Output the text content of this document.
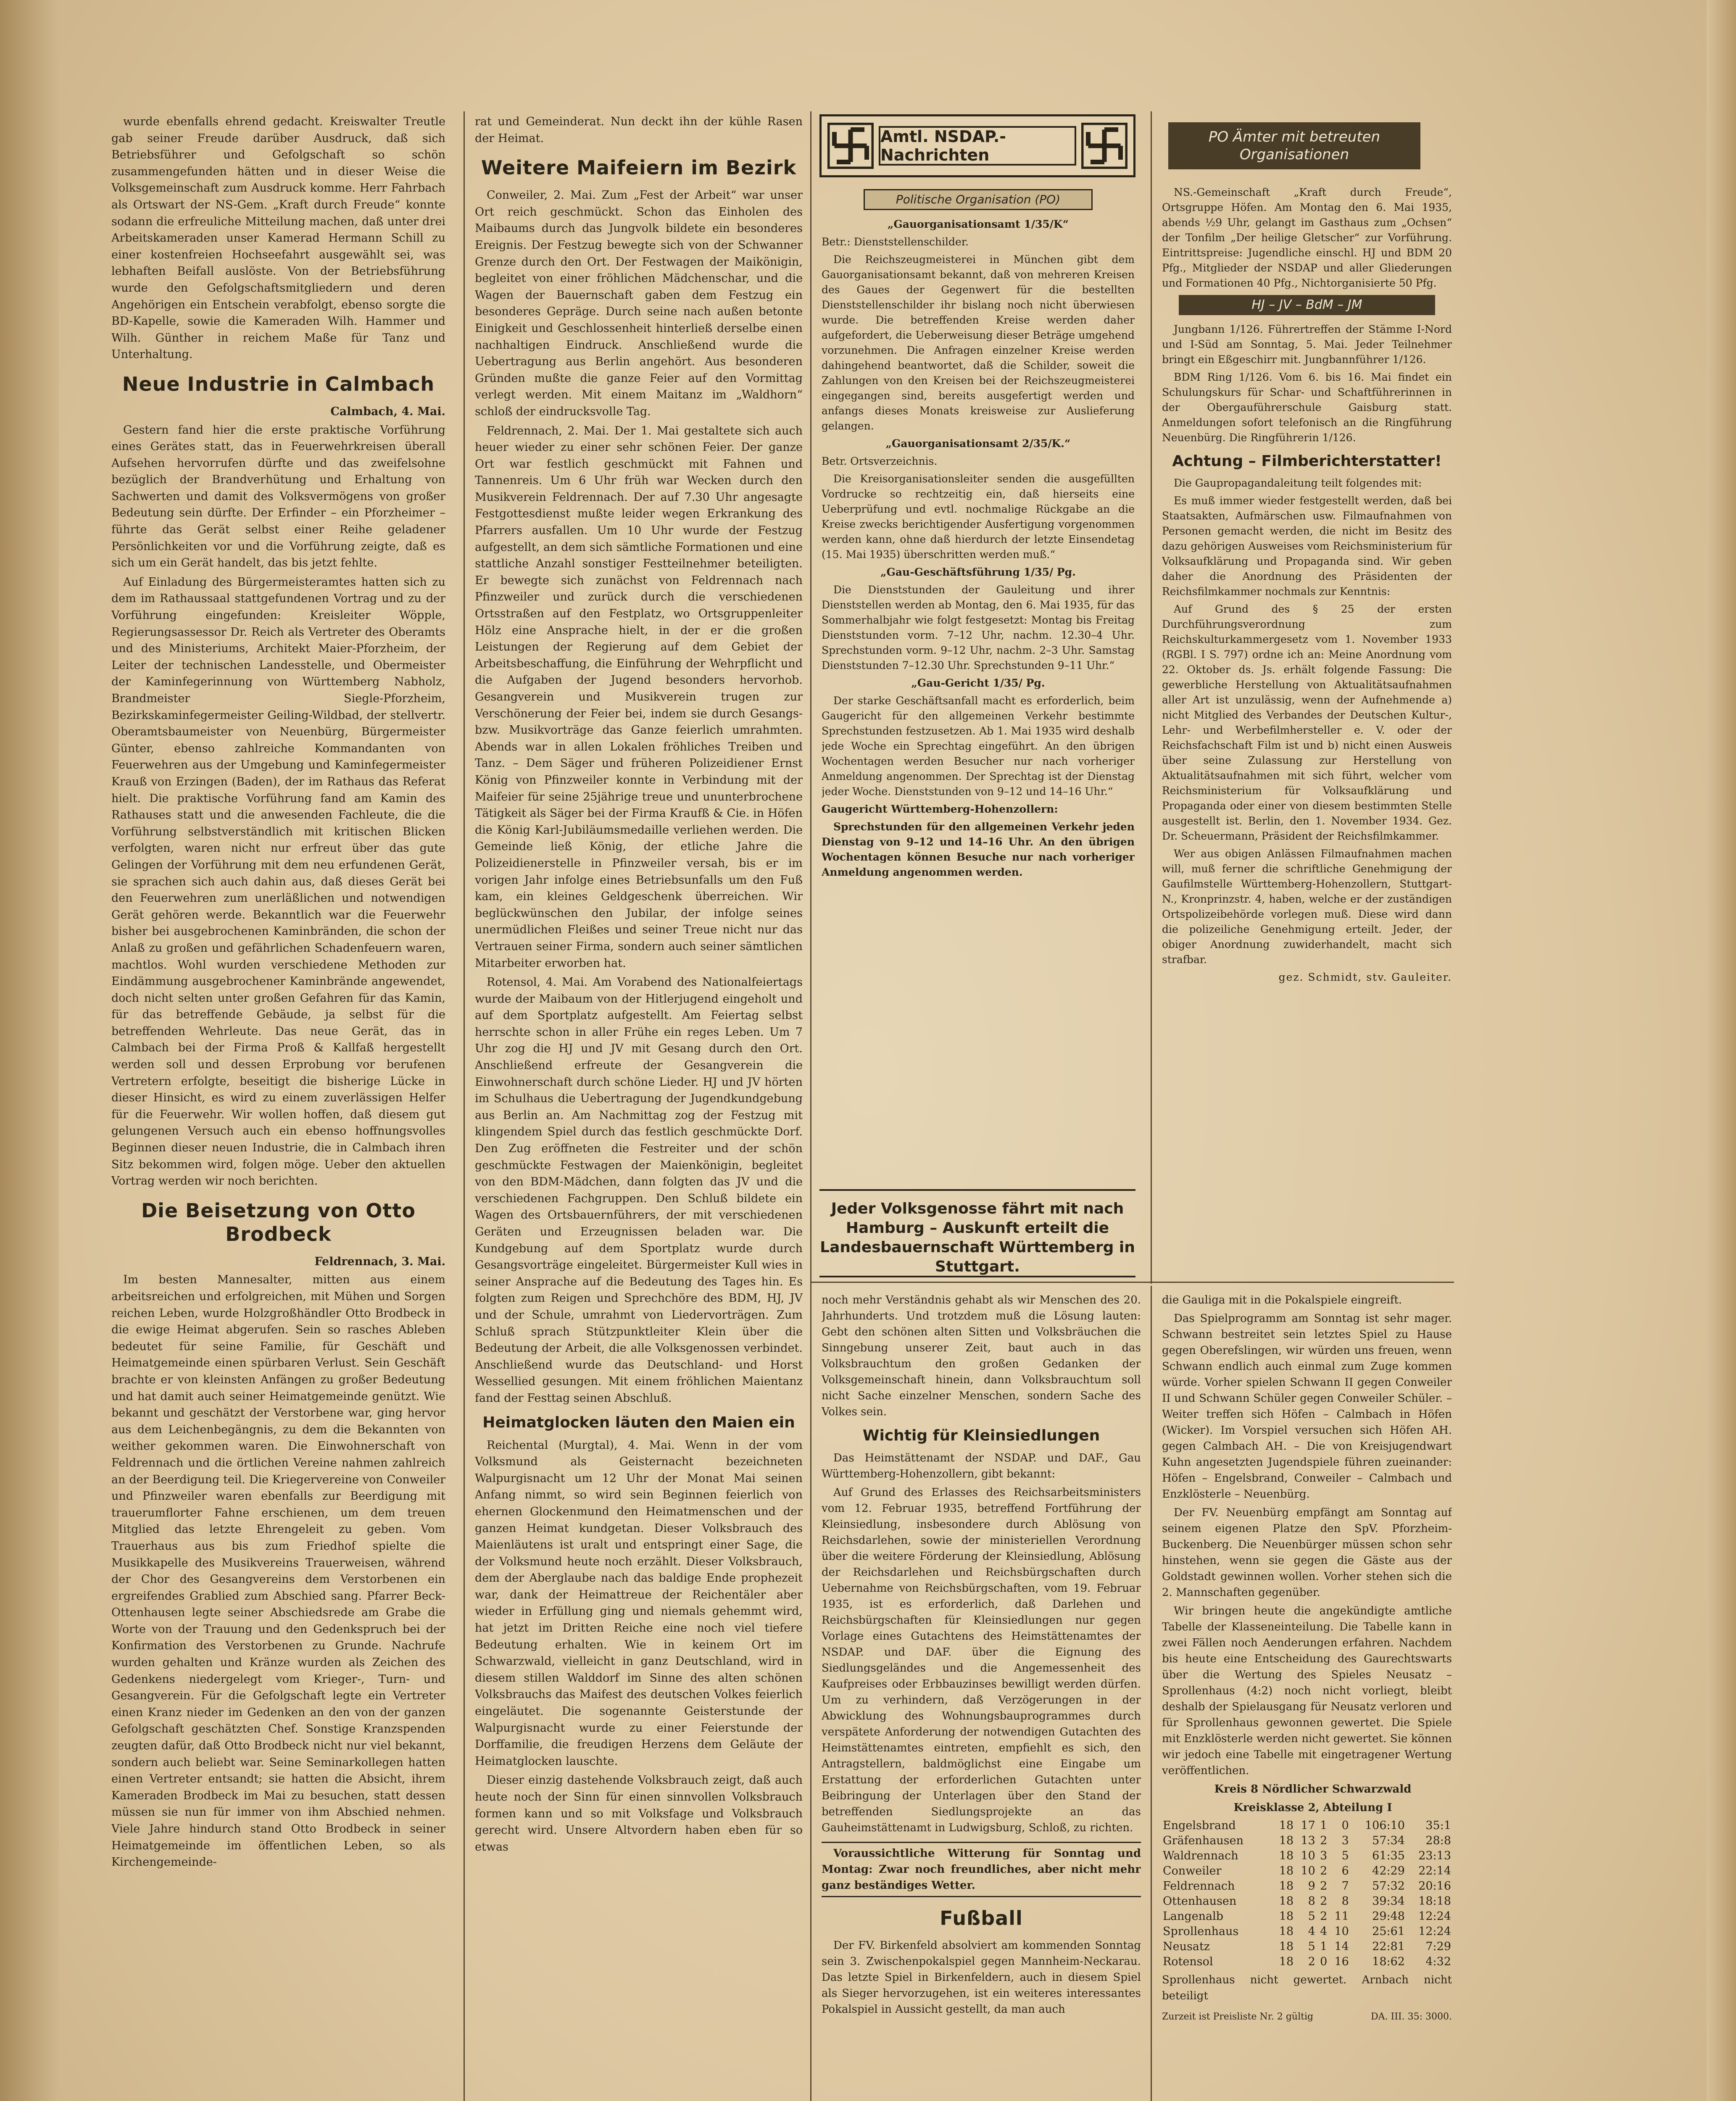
wurde ebenfalls ehrend gedacht. Kreiswalter Treutle gab seiner Freude darüber Ausdruck, daß sich Betriebsführer und Gefolgschaft so schön zusammengefunden hätten und in dieser Weise die Volksgemeinschaft zum Ausdruck komme. Herr Fahrbach als Ortswart der NS-Gem. „Kraft durch Freude“ konnte sodann die erfreuliche Mitteilung machen, daß unter drei Arbeitskameraden unser Kamerad Hermann Schill zu einer kostenfreien Hochseefahrt ausgewählt sei, was lebhaften Beifall auslöste. Von der Betriebsführung wurde den Gefolgschaftsmitgliedern und deren Angehörigen ein Entschein verabfolgt, ebenso sorgte die BD-Kapelle, sowie die Kameraden Wilh. Hammer und Wilh. Günther in reichem Maße für Tanz und Unterhaltung.

Neue Industrie in Calmbach
Calmbach, 4. Mai.

Gestern fand hier die erste praktische Vorführung eines Gerätes statt, das in Feuerwehrkreisen überall Aufsehen hervorrufen dürfte und das zweifelsohne bezüglich der Brandverhütung und Erhaltung von Sachwerten und damit des Volksvermögens von großer Bedeutung sein dürfte. Der Erfinder – ein Pforzheimer – führte das Gerät selbst einer Reihe geladener Persönlichkeiten vor und die Vorführung zeigte, daß es sich um ein Gerät handelt, das bis jetzt fehlte.

Auf Einladung des Bürgermeisteramtes hatten sich zu dem im Rathaussaal stattgefundenen Vortrag und zu der Vorführung eingefunden: Kreisleiter Wöpple, Regierungsassessor Dr. Reich als Vertreter des Oberamts und des Ministeriums, Architekt Maier-Pforzheim, der Leiter der technischen Landesstelle, und Obermeister der Kaminfegerinnung von Württemberg Nabholz, Brandmeister Siegle-Pforzheim, Bezirkskaminfegermeister Geiling-Wildbad, der stellvertr. Oberamtsbaumeister von Neuenbürg, Bürgermeister Günter, ebenso zahlreiche Kommandanten von Feuerwehren aus der Umgebung und Kaminfegermeister Krauß von Erzingen (Baden), der im Rathaus das Referat hielt. Die praktische Vorführung fand am Kamin des Rathauses statt und die anwesenden Fachleute, die die Vorführung selbstverständlich mit kritischen Blicken verfolgten, waren nicht nur erfreut über das gute Gelingen der Vorführung mit dem neu erfundenen Gerät, sie sprachen sich auch dahin aus, daß dieses Gerät bei den Feuerwehren zum unerläßlichen und notwendigen Gerät gehören werde. Bekanntlich war die Feuerwehr bisher bei ausgebrochenen Kaminbränden, die schon der Anlaß zu großen und gefährlichen Schadenfeuern waren, machtlos. Wohl wurden verschiedene Methoden zur Eindämmung ausgebrochener Kaminbrände angewendet, doch nicht selten unter großen Gefahren für das Kamin, für das betreffende Gebäude, ja selbst für die betreffenden Wehrleute. Das neue Gerät, das in Calmbach bei der Firma Proß & Kallfaß hergestellt werden soll und dessen Erprobung vor berufenen Vertretern erfolgte, beseitigt die bisherige Lücke in dieser Hinsicht, es wird zu einem zuverlässigen Helfer für die Feuerwehr. Wir wollen hoffen, daß diesem gut gelungenen Versuch auch ein ebenso hoffnungsvolles Beginnen dieser neuen Industrie, die in Calmbach ihren Sitz bekommen wird, folgen möge. Ueber den aktuellen Vortrag werden wir noch berichten.

Die Beisetzung von Otto Brodbeck
Feldrennach, 3. Mai.

Im besten Mannesalter, mitten aus einem arbeitsreichen und erfolgreichen, mit Mühen und Sorgen reichen Leben, wurde Holzgroßhändler Otto Brodbeck in die ewige Heimat abgerufen. Sein so rasches Ableben bedeutet für seine Familie, für Geschäft und Heimatgemeinde einen spürbaren Verlust. Sein Geschäft brachte er von kleinsten Anfängen zu großer Bedeutung und hat damit auch seiner Heimatgemeinde genützt. Wie bekannt und geschätzt der Verstorbene war, ging hervor aus dem Leichenbegängnis, zu dem die Bekannten von weither gekommen waren. Die Einwohnerschaft von Feldrennach und die örtlichen Vereine nahmen zahlreich an der Beerdigung teil. Die Kriegervereine von Conweiler und Pfinzweiler waren ebenfalls zur Beerdigung mit trauerumflorter Fahne erschienen, um dem treuen Mitglied das letzte Ehrengeleit zu geben. Vom Trauerhaus aus bis zum Friedhof spielte die Musikkapelle des Musikvereins Trauerweisen, während der Chor des Gesangvereins dem Verstorbenen ein ergreifendes Grablied zum Abschied sang. Pfarrer Beck-Ottenhausen legte seiner Abschiedsrede am Grabe die Worte von der Trauung und den Gedenkspruch bei der Konfirmation des Verstorbenen zu Grunde. Nachrufe wurden gehalten und Kränze wurden als Zeichen des Gedenkens niedergelegt vom Krieger-, Turn- und Gesangverein. Für die Gefolgschaft legte ein Vertreter einen Kranz nieder im Gedenken an den von der ganzen Gefolgschaft geschätzten Chef. Sonstige Kranzspenden zeugten dafür, daß Otto Brodbeck nicht nur viel bekannt, sondern auch beliebt war. Seine Seminarkollegen hatten einen Vertreter entsandt; sie hatten die Absicht, ihrem Kameraden Brodbeck im Mai zu besuchen, statt dessen müssen sie nun für immer von ihm Abschied nehmen. Viele Jahre hindurch stand Otto Brodbeck in seiner Heimatgemeinde im öffentlichen Leben, so als Kirchengemeinde-

rat und Gemeinderat. Nun deckt ihn der kühle Rasen der Heimat.

Weitere Maifeiern im Bezirk

Conweiler, 2. Mai. Zum „Fest der Arbeit“ war unser Ort reich geschmückt. Schon das Einholen des Maibaums durch das Jungvolk bildete ein besonderes Ereignis. Der Festzug bewegte sich von der Schwanner Grenze durch den Ort. Der Festwagen der Maikönigin, begleitet von einer fröhlichen Mädchenschar, und die Wagen der Bauernschaft gaben dem Festzug ein besonderes Gepräge. Durch seine nach außen betonte Einigkeit und Geschlossenheit hinterließ derselbe einen nachhaltigen Eindruck. Anschließend wurde die Uebertragung aus Berlin angehört. Aus besonderen Gründen mußte die ganze Feier auf den Vormittag verlegt werden. Mit einem Maitanz im „Waldhorn“ schloß der eindrucksvolle Tag.

Feldrennach, 2. Mai. Der 1. Mai gestaltete sich auch heuer wieder zu einer sehr schönen Feier. Der ganze Ort war festlich geschmückt mit Fahnen und Tannenreis. Um 6 Uhr früh war Wecken durch den Musikverein Feldrennach. Der auf 7.30 Uhr angesagte Festgottesdienst mußte leider wegen Erkrankung des Pfarrers ausfallen. Um 10 Uhr wurde der Festzug aufgestellt, an dem sich sämtliche Formationen und eine stattliche Anzahl sonstiger Festteilnehmer beteiligten. Er bewegte sich zunächst von Feldrennach nach Pfinzweiler und zurück durch die verschiedenen Ortsstraßen auf den Festplatz, wo Ortsgruppenleiter Hölz eine Ansprache hielt, in der er die großen Leistungen der Regierung auf dem Gebiet der Arbeitsbeschaffung, die Einführung der Wehrpflicht und die Aufgaben der Jugend besonders hervorhob. Gesangverein und Musikverein trugen zur Verschönerung der Feier bei, indem sie durch Gesangs- bzw. Musikvorträge das Ganze feierlich umrahmten. Abends war in allen Lokalen fröhliches Treiben und Tanz. – Dem Säger und früheren Polizeidiener Ernst König von Pfinzweiler konnte in Verbindung mit der Maifeier für seine 25jährige treue und ununterbrochene Tätigkeit als Säger bei der Firma Kraufß & Cie. in Höfen die König Karl-Jubiläumsmedaille verliehen werden. Die Gemeinde ließ König, der etliche Jahre die Polizeidienerstelle in Pfinzweiler versah, bis er im vorigen Jahr infolge eines Betriebsunfalls um den Fuß kam, ein kleines Geldgeschenk überreichen. Wir beglückwünschen den Jubilar, der infolge seines unermüdlichen Fleißes und seiner Treue nicht nur das Vertrauen seiner Firma, sondern auch seiner sämtlichen Mitarbeiter erworben hat.

Rotensol, 4. Mai. Am Vorabend des Nationalfeiertags wurde der Maibaum von der Hitlerjugend eingeholt und auf dem Sportplatz aufgestellt. Am Feiertag selbst herrschte schon in aller Frühe ein reges Leben. Um 7 Uhr zog die HJ und JV mit Gesang durch den Ort. Anschließend erfreute der Gesangverein die Einwohnerschaft durch schöne Lieder. HJ und JV hörten im Schulhaus die Uebertragung der Jugendkundgebung aus Berlin an. Am Nachmittag zog der Festzug mit klingendem Spiel durch das festlich geschmückte Dorf. Den Zug eröffneten die Festreiter und der schön geschmückte Festwagen der Maienkönigin, begleitet von den BDM-Mädchen, dann folgten das JV und die verschiedenen Fachgruppen. Den Schluß bildete ein Wagen des Ortsbauernführers, der mit verschiedenen Geräten und Erzeugnissen beladen war. Die Kundgebung auf dem Sportplatz wurde durch Gesangsvorträge eingeleitet. Bürgermeister Kull wies in seiner Ansprache auf die Bedeutung des Tages hin. Es folgten zum Reigen und Sprechchöre des BDM, HJ, JV und der Schule, umrahmt von Liedervorträgen. Zum Schluß sprach Stützpunktleiter Klein über die Bedeutung der Arbeit, die alle Volksgenossen verbindet. Anschließend wurde das Deutschland- und Horst Wessellied gesungen. Mit einem fröhlichen Maientanz fand der Festtag seinen Abschluß.

Heimatglocken läuten den Maien ein

Reichental (Murgtal), 4. Mai. Wenn in der vom Volksmund als Geisternacht bezeichneten Walpurgisnacht um 12 Uhr der Monat Mai seinen Anfang nimmt, so wird sein Beginnen feierlich von ehernen Glockenmund den Heimatmenschen und der ganzen Heimat kundgetan. Dieser Volksbrauch des Maienläutens ist uralt und entspringt einer Sage, die der Volksmund heute noch erzählt. Dieser Volksbrauch, dem der Aberglaube nach das baldige Ende prophezeit war, dank der Heimattreue der Reichentäler aber wieder in Erfüllung ging und niemals gehemmt wird, hat jetzt im Dritten Reiche eine noch viel tiefere Bedeutung erhalten. Wie in keinem Ort im Schwarzwald, vielleicht in ganz Deutschland, wird in diesem stillen Walddorf im Sinne des alten schönen Volksbrauchs das Maifest des deutschen Volkes feierlich eingeläutet. Die sogenannte Geisterstunde der Walpurgisnacht wurde zu einer Feierstunde der Dorffamilie, die freudigen Herzens dem Geläute der Heimatglocken lauschte.

Dieser einzig dastehende Volksbrauch zeigt, daß auch heute noch der Sinn für einen sinnvollen Volksbrauch formen kann und so mit Volksfage und Volksbrauch gerecht wird. Unsere Altvordern haben eben für so etwas

Amtl. NSDAP.-Nachrichten
Politische Organisation (PO)

„Gauorganisationsamt 1/35/K“

Betr.: Dienststellenschilder.

Die Reichszeugmeisterei in München gibt dem Gauorganisationsamt bekannt, daß von mehreren Kreisen des Gaues der Gegenwert für die bestellten Dienststellenschilder ihr bislang noch nicht überwiesen wurde. Die betreffenden Kreise werden daher aufgefordert, die Ueberweisung dieser Beträge umgehend vorzunehmen. Die Anfragen einzelner Kreise werden dahingehend beantwortet, daß die Schilder, soweit die Zahlungen von den Kreisen bei der Reichszeugmeisterei eingegangen sind, bereits ausgefertigt werden und anfangs dieses Monats kreisweise zur Auslieferung gelangen.

„Gauorganisationsamt 2/35/K.“

Betr. Ortsverzeichnis.

Die Kreisorganisationsleiter senden die ausgefüllten Vordrucke so rechtzeitig ein, daß hierseits eine Ueberprüfung und evtl. nochmalige Rückgabe an die Kreise zwecks berichtigender Ausfertigung vorgenommen werden kann, ohne daß hierdurch der letzte Einsendetag (15. Mai 1935) überschritten werden muß.“

„Gau-Geschäftsführung 1/35/ Pg.

Die Dienststunden der Gauleitung und ihrer Dienststellen werden ab Montag, den 6. Mai 1935, für das Sommerhalbjahr wie folgt festgesetzt: Montag bis Freitag Dienststunden vorm. 7–12 Uhr, nachm. 12.30–4 Uhr. Sprechstunden vorm. 9–12 Uhr, nachm. 2–3 Uhr. Samstag Dienststunden 7–12.30 Uhr. Sprechstunden 9–11 Uhr.“

„Gau-Gericht 1/35/ Pg.

Der starke Geschäftsanfall macht es erforderlich, beim Gaugericht für den allgemeinen Verkehr bestimmte Sprechstunden festzusetzen. Ab 1. Mai 1935 wird deshalb jede Woche ein Sprechtag eingeführt. An den übrigen Wochentagen werden Besucher nur nach vorheriger Anmeldung angenommen. Der Sprechtag ist der Dienstag jeder Woche. Dienststunden von 9–12 und 14–16 Uhr.“

Gaugericht Württemberg-Hohenzollern:

Sprechstunden für den allgemeinen Verkehr jeden Dienstag von 9–12 und 14–16 Uhr. An den übrigen Wochentagen können Besuche nur nach vorheriger Anmeldung angenommen werden.

Jeder Volksgenosse fährt mit nach Hamburg – Auskunft erteilt die Landesbauernschaft Württemberg in Stuttgart.
PO Ämter mit betreuten Organisationen

NS.-Gemeinschaft „Kraft durch Freude“, Ortsgruppe Höfen. Am Montag den 6. Mai 1935, abends ½9 Uhr, gelangt im Gasthaus zum „Ochsen“ der Tonfilm „Der heilige Gletscher“ zur Vorführung. Eintrittspreise: Jugendliche einschl. HJ und BDM 20 Pfg., Mitglieder der NSDAP und aller Gliederungen und Formationen 40 Pfg., Nichtorganisierte 50 Pfg.

HJ – JV – BdM – JM

Jungbann 1/126. Führertreffen der Stämme I-Nord und I-Süd am Sonntag, 5. Mai. Jeder Teilnehmer bringt ein Eßgeschirr mit. Jungbannführer 1/126.

BDM Ring 1/126. Vom 6. bis 16. Mai findet ein Schulungskurs für Schar- und Schaftführerinnen in der Obergauführerschule Gaisburg statt. Anmeldungen sofort telefonisch an die Ringführung Neuenbürg. Die Ringführerin 1/126.

Achtung – Filmberichterstatter!

Die Gaupropagandaleitung teilt folgendes mit:

Es muß immer wieder festgestellt werden, daß bei Staatsakten, Aufmärschen usw. Filmaufnahmen von Personen gemacht werden, die nicht im Besitz des dazu gehörigen Ausweises vom Reichsministerium für Volksaufklärung und Propaganda sind. Wir geben daher die Anordnung des Präsidenten der Reichsfilmkammer nochmals zur Kenntnis:

Auf Grund des § 25 der ersten Durchführungsverordnung zum Reichskulturkammergesetz vom 1. November 1933 (RGBl. I S. 797) ordne ich an: Meine Anordnung vom 22. Oktober ds. Js. erhält folgende Fassung: Die gewerbliche Herstellung von Aktualitätsaufnahmen aller Art ist unzulässig, wenn der Aufnehmende a) nicht Mitglied des Verbandes der Deutschen Kultur-, Lehr- und Werbefilmhersteller e. V. oder der Reichsfachschaft Film ist und b) nicht einen Ausweis über seine Zulassung zur Herstellung von Aktualitätsaufnahmen mit sich führt, welcher vom Reichsministerium für Volksaufklärung und Propaganda oder einer von diesem bestimmten Stelle ausgestellt ist. Berlin, den 1. November 1934. Gez. Dr. Scheuermann, Präsident der Reichsfilmkammer.

Wer aus obigen Anlässen Filmaufnahmen machen will, muß ferner die schriftliche Genehmigung der Gaufilmstelle Württemberg-Hohenzollern, Stuttgart-N., Kronprinzstr. 4, haben, welche er der zuständigen Ortspolizeibehörde vorlegen muß. Diese wird dann die polizeiliche Genehmigung erteilt. Jeder, der obiger Anordnung zuwiderhandelt, macht sich strafbar.

gez. Schmidt, stv. Gauleiter.

noch mehr Verständnis gehabt als wir Menschen des 20. Jahrhunderts. Und trotzdem muß die Lösung lauten: Gebt den schönen alten Sitten und Volksbräuchen die Sinngebung unserer Zeit, baut auch in das Volksbrauchtum den großen Gedanken der Volksgemeinschaft hinein, dann Volksbrauchtum soll nicht Sache einzelner Menschen, sondern Sache des Volkes sein.

Wichtig für Kleinsiedlungen

Das Heimstättenamt der NSDAP. und DAF., Gau Württemberg-Hohenzollern, gibt bekannt:

Auf Grund des Erlasses des Reichsarbeitsministers vom 12. Februar 1935, betreffend Fortführung der Kleinsiedlung, insbesondere durch Ablösung von Reichsdarlehen, sowie der ministeriellen Verordnung über die weitere Förderung der Kleinsiedlung, Ablösung der Reichsdarlehen und Reichsbürgschaften durch Uebernahme von Reichsbürgschaften, vom 19. Februar 1935, ist es erforderlich, daß Darlehen und Reichsbürgschaften für Kleinsiedlungen nur gegen Vorlage eines Gutachtens des Heimstättenamtes der NSDAP. und DAF. über die Eignung des Siedlungsgeländes und die Angemessenheit des Kaufpreises oder Erbbauzinses bewilligt werden dürfen. Um zu verhindern, daß Verzögerungen in der Abwicklung des Wohnungsbauprogrammes durch verspätete Anforderung der notwendigen Gutachten des Heimstättenamtes eintreten, empfiehlt es sich, den Antragstellern, baldmöglichst eine Eingabe um Erstattung der erforderlichen Gutachten unter Beibringung der Unterlagen über den Stand der betreffenden Siedlungsprojekte an das Gauheimstättenamt in Ludwigsburg, Schloß, zu richten.

Voraussichtliche Witterung für Sonntag und Montag: Zwar noch freundliches, aber nicht mehr ganz beständiges Wetter.

Fußball

Der FV. Birkenfeld absolviert am kommenden Sonntag sein 3. Zwischenpokalspiel gegen Mannheim-Neckarau. Das letzte Spiel in Birkenfeldern, auch in diesem Spiel als Sieger hervorzugehen, ist ein weiteres interessantes Pokalspiel in Aussicht gestellt, da man auch

die Gauliga mit in die Pokalspiele eingreift.

Das Spielprogramm am Sonntag ist sehr mager. Schwann bestreitet sein letztes Spiel zu Hause gegen Oberefslingen, wir würden uns freuen, wenn Schwann endlich auch einmal zum Zuge kommen würde. Vorher spielen Schwann II gegen Conweiler II und Schwann Schüler gegen Conweiler Schüler. – Weiter treffen sich Höfen – Calmbach in Höfen (Wicker). Im Vorspiel versuchen sich Höfen AH. gegen Calmbach AH. – Die von Kreisjugendwart Kuhn angesetzten Jugendspiele führen zueinander: Höfen – Engelsbrand, Conweiler – Calmbach und Enzklösterle – Neuenbürg.

Der FV. Neuenbürg empfängt am Sonntag auf seinem eigenen Platze den SpV. Pforzheim-Buckenberg. Die Neuenbürger müssen schon sehr hinstehen, wenn sie gegen die Gäste aus der Goldstadt gewinnen wollen. Vorher stehen sich die 2. Mannschaften gegenüber.

Wir bringen heute die angekündigte amtliche Tabelle der Klasseneinteilung. Die Tabelle kann in zwei Fällen noch Aenderungen erfahren. Nachdem bis heute eine Entscheidung des Gaurechtswarts über die Wertung des Spieles Neusatz – Sprollenhaus (4:2) noch nicht vorliegt, bleibt deshalb der Spielausgang für Neusatz verloren und für Sprollenhaus gewonnen gewertet. Die Spiele mit Enzklösterle werden nicht gewertet. Sie können wir jedoch eine Tabelle mit eingetragener Wertung veröffentlichen.

Kreis 8 Nördlicher Schwarzwald

Kreisklasse 2, Abteilung I

Engelsbrand	18	17	1	0	106:10	35:1
Gräfenhausen	18	13	2	3	57:34	28:8
Waldrennach	18	10	3	5	61:35	23:13
Conweiler	18	10	2	6	42:29	22:14
Feldrennach	18	9	2	7	57:32	20:16
Ottenhausen	18	8	2	8	39:34	18:18
Langenalb	18	5	2	11	29:48	12:24
Sprollenhaus	18	4	4	10	25:61	12:24
Neusatz	18	5	1	14	22:81	7:29
Rotensol	18	2	0	16	18:62	4:32

Sprollenhaus nicht gewertet. Arnbach nicht beteiligt

Zurzeit ist Preisliste Nr. 2 gültig	DA. III. 35: 3000.
